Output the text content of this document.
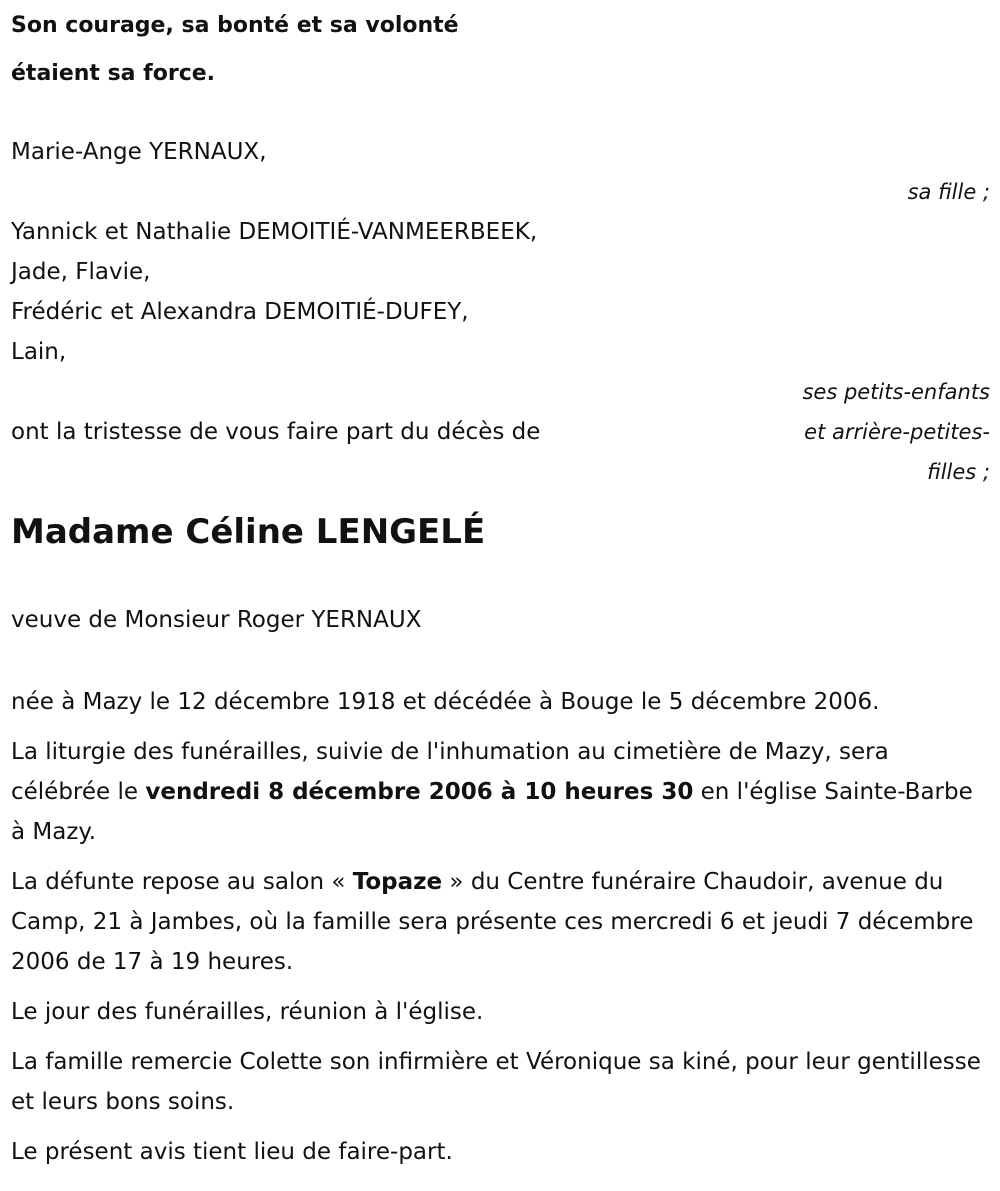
Son courage, sa bonté et sa volonté
étaient sa force.
Marie-Ange YERNAUX,
sa fille ;
Yannick et Nathalie DEMOITIÉ-VANMEERBEEK,
Jade, Flavie,
Frédéric et Alexandra DEMOITIÉ-DUFEY,
Lain,
ont la tristesse de vous faire part du décès de
ses petits-enfants
et arrière-petites-
filles ;
Madame Céline LENGELÉ
veuve de Monsieur Roger YERNAUX

née à Mazy le 12 décembre 1918 et décédée à Bouge le 5 décembre 2006.

La liturgie des funérailles, suivie de l'inhumation au cimetière de Mazy, sera célébrée le vendredi 8 décembre 2006 à 10 heures 30 en l'église Sainte-Barbe à Mazy.

La défunte repose au salon « Topaze » du Centre funéraire Chaudoir, avenue du Camp, 21 à Jambes, où la famille sera présente ces mercredi 6 et jeudi 7 décembre 2006 de 17 à 19 heures.

Le jour des funérailles, réunion à l'église.

La famille remercie Colette son infirmière et Véronique sa kiné, pour leur gentillesse et leurs bons soins.

Le présent avis tient lieu de faire-part.
